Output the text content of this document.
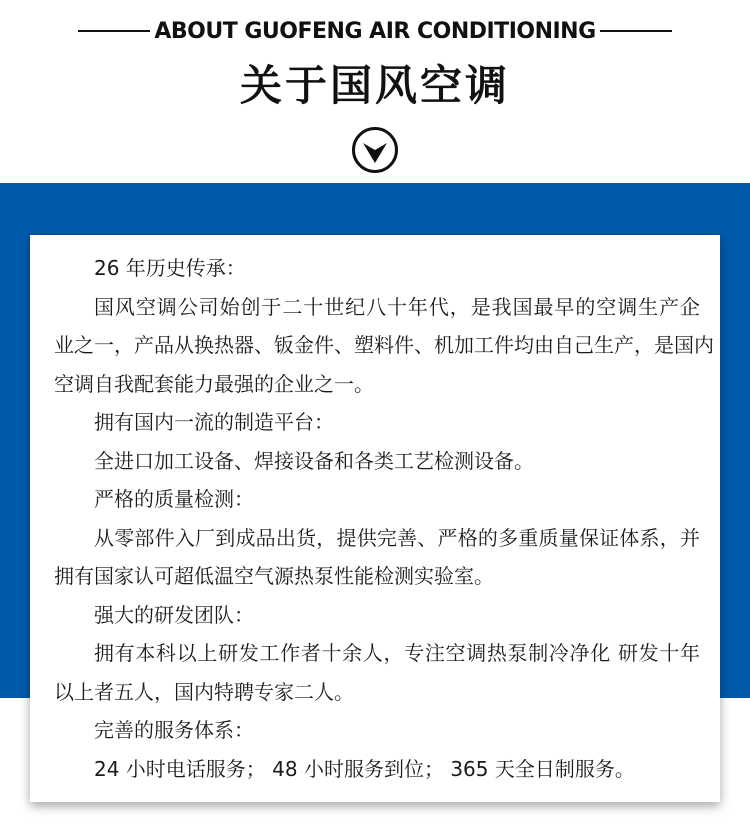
ABOUT GUOFENG AIR CONDITIONING
关于国风空调
26 年历史传承：
国风空调公司始创于二十世纪八十年代，是我国最早的空调生产企
业之一，产品从换热器、钣金件、塑料件、机加工件均由自己生产，是国内
空调自我配套能力最强的企业之一。
拥有国内一流的制造平台：
全进口加工设备、焊接设备和各类工艺检测设备。
严格的质量检测：
从零部件入厂到成品出货，提供完善、严格的多重质量保证体系，并
拥有国家认可超低温空气源热泵性能检测实验室。
强大的研发团队：
拥有本科以上研发工作者十余人，专注空调热泵制冷净化 研发十年
以上者五人，国内特聘专家二人。
完善的服务体系：
24 小时电话服务； 48 小时服务到位； 365 天全日制服务。
